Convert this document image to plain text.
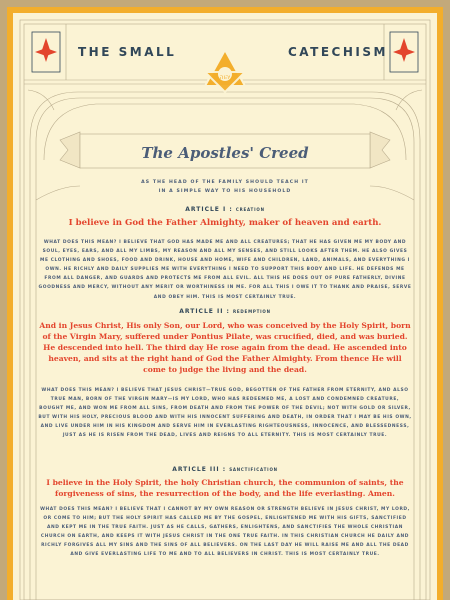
THE SMALL	CATECHISM
יהוה
The Apostles' Creed
AS THE HEAD OF THE FAMILY SHOULD TEACH IT
IN A SIMPLE WAY TO HIS HOUSEHOLD
ARTICLE I : CREATION
I believe in God the Father Almighty, maker of heaven and earth.
WHAT DOES THIS MEAN? I BELIEVE THAT GOD HAS MADE ME AND ALL CREATURES; THAT HE HAS GIVEN ME MY BODY AND SOUL, EYES, EARS, AND ALL MY LIMBS, MY REASON AND ALL MY SENSES, AND STILL LOOKS AFTER THEM. HE ALSO GIVES ME CLOTHING AND SHOES, FOOD AND DRINK, HOUSE AND HOME, WIFE AND CHILDREN, LAND, ANIMALS, AND EVERYTHING I OWN. HE RICHLY AND DAILY SUPPLIES ME WITH EVERYTHING I NEED TO SUPPORT THIS BODY AND LIFE. HE DEFENDS ME FROM ALL DANGER, AND GUARDS AND PROTECTS ME FROM ALL EVIL. ALL THIS HE DOES OUT OF PURE FATHERLY, DIVINE GOODNESS AND MERCY, WITHOUT ANY MERIT OR WORTHINESS IN ME. FOR ALL THIS I OWE IT TO THANK AND PRAISE, SERVE AND OBEY HIM. THIS IS MOST CERTAINLY TRUE.
ARTICLE II : REDEMPTION
And in Jesus Christ, His only Son, our Lord, who was conceived by the Holy Spirit, born of the Virgin Mary, suffered under Pontius Pilate, was crucified, died, and was buried. He descended into hell. The third day He rose again from the dead. He ascended into heaven, and sits at the right hand of God the Father Almighty. From thence He will come to judge the living and the dead.
WHAT DOES THIS MEAN? I BELIEVE THAT JESUS CHRIST—TRUE GOD, BEGOTTEN OF THE FATHER FROM ETERNITY, AND ALSO TRUE MAN, BORN OF THE VIRGIN MARY—IS MY LORD, WHO HAS REDEEMED ME, A LOST AND CONDEMNED CREATURE, BOUGHT ME, AND WON ME FROM ALL SINS, FROM DEATH AND FROM THE POWER OF THE DEVIL; NOT WITH GOLD OR SILVER, BUT WITH HIS HOLY, PRECIOUS BLOOD AND WITH HIS INNOCENT SUFFERING AND DEATH, IN ORDER THAT I MAY BE HIS OWN, AND LIVE UNDER HIM IN HIS KINGDOM AND SERVE HIM IN EVERLASTING RIGHTEOUSNESS, INNOCENCE, AND BLESSEDNESS, JUST AS HE IS RISEN FROM THE DEAD, LIVES AND REIGNS TO ALL ETERNITY. THIS IS MOST CERTAINLY TRUE.
ARTICLE III : SANCTIFICATION
I believe in the Holy Spirit, the holy Christian church, the communion of saints, the forgiveness of sins, the resurrection of the body, and the life everlasting. Amen.
WHAT DOES THIS MEAN? I BELIEVE THAT I CANNOT BY MY OWN REASON OR STRENGTH BELIEVE IN JESUS CHRIST, MY LORD, OR COME TO HIM; BUT THE HOLY SPIRIT HAS CALLED ME BY THE GOSPEL, ENLIGHTENED ME WITH HIS GIFTS, SANCTIFIED AND KEPT ME IN THE TRUE FAITH. JUST AS HE CALLS, GATHERS, ENLIGHTENS, AND SANCTIFIES THE WHOLE CHRISTIAN CHURCH ON EARTH, AND KEEPS IT WITH JESUS CHRIST IN THE ONE TRUE FAITH. IN THIS CHRISTIAN CHURCH HE DAILY AND RICHLY FORGIVES ALL MY SINS AND THE SINS OF ALL BELIEVERS. ON THE LAST DAY HE WILL RAISE ME AND ALL THE DEAD AND GIVE EVERLASTING LIFE TO ME AND TO ALL BELIEVERS IN CHRIST. THIS IS MOST CERTAINLY TRUE.
